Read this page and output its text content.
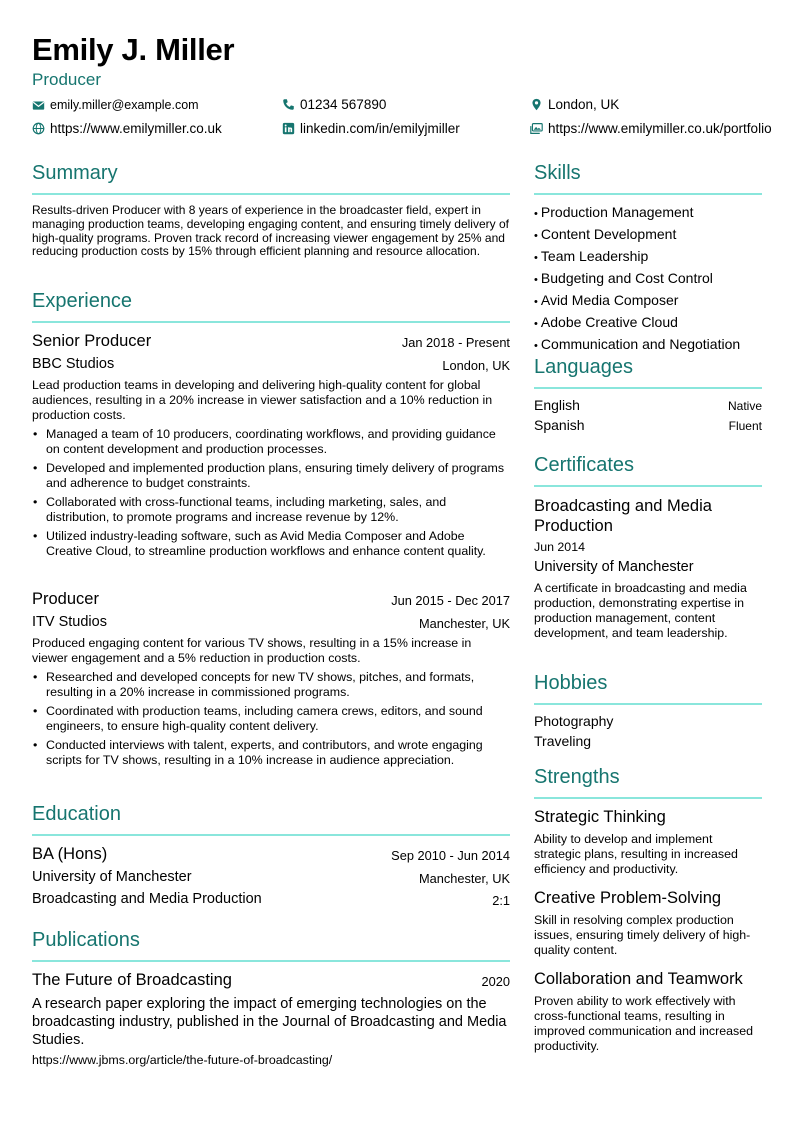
Emily J. Miller
Producer
emily.miller@example.com	01234 567890	London, UK
https://www.emilymiller.co.uk	linkedin.com/in/emilyjmiller	https://www.emilymiller.co.uk/portfolio
Summary
Results-driven Producer with 8 years of experience in the broadcaster field, expert in managing production teams, developing engaging content, and ensuring timely delivery of high-quality programs. Proven track record of increasing viewer engagement by 25% and reducing production costs by 15% through efficient planning and resource allocation.
Experience
Senior Producer	Jan 2018 - Present
BBC Studios	London, UK
Lead production teams in developing and delivering high-quality content for global audiences, resulting in a 20% increase in viewer satisfaction and a 10% reduction in production costs.
• Managed a team of 10 producers, coordinating workflows, and providing guidance on content development and production processes.
• Developed and implemented production plans, ensuring timely delivery of programs and adherence to budget constraints.
• Collaborated with cross-functional teams, including marketing, sales, and distribution, to promote programs and increase revenue by 12%.
• Utilized industry-leading software, such as Avid Media Composer and Adobe Creative Cloud, to streamline production workflows and enhance content quality.
Producer	Jun 2015 - Dec 2017
ITV Studios	Manchester, UK
Produced engaging content for various TV shows, resulting in a 15% increase in viewer engagement and a 5% reduction in production costs.
• Researched and developed concepts for new TV shows, pitches, and formats, resulting in a 20% increase in commissioned programs.
• Coordinated with production teams, including camera crews, editors, and sound engineers, to ensure high-quality content delivery.
• Conducted interviews with talent, experts, and contributors, and wrote engaging scripts for TV shows, resulting in a 10% increase in audience appreciation.
Education
BA (Hons)	Sep 2010 - Jun 2014
University of Manchester	Manchester, UK
Broadcasting and Media Production	2:1
Publications
The Future of Broadcasting	2020
A research paper exploring the impact of emerging technologies on the broadcasting industry, published in the Journal of Broadcasting and Media Studies.
https://www.jbms.org/article/the-future-of-broadcasting/
Skills
• Production Management
• Content Development
• Team Leadership
• Budgeting and Cost Control
• Avid Media Composer
• Adobe Creative Cloud
• Communication and Negotiation
Languages
English	Native
Spanish	Fluent
Certificates
Broadcasting and Media Production
Jun 2014
University of Manchester
A certificate in broadcasting and media production, demonstrating expertise in production management, content development, and team leadership.
Hobbies
Photography
Traveling
Strengths
Strategic Thinking
Ability to develop and implement strategic plans, resulting in increased efficiency and productivity.
Creative Problem-Solving
Skill in resolving complex production issues, ensuring timely delivery of high-quality content.
Collaboration and Teamwork
Proven ability to work effectively with cross-functional teams, resulting in improved communication and increased productivity.
